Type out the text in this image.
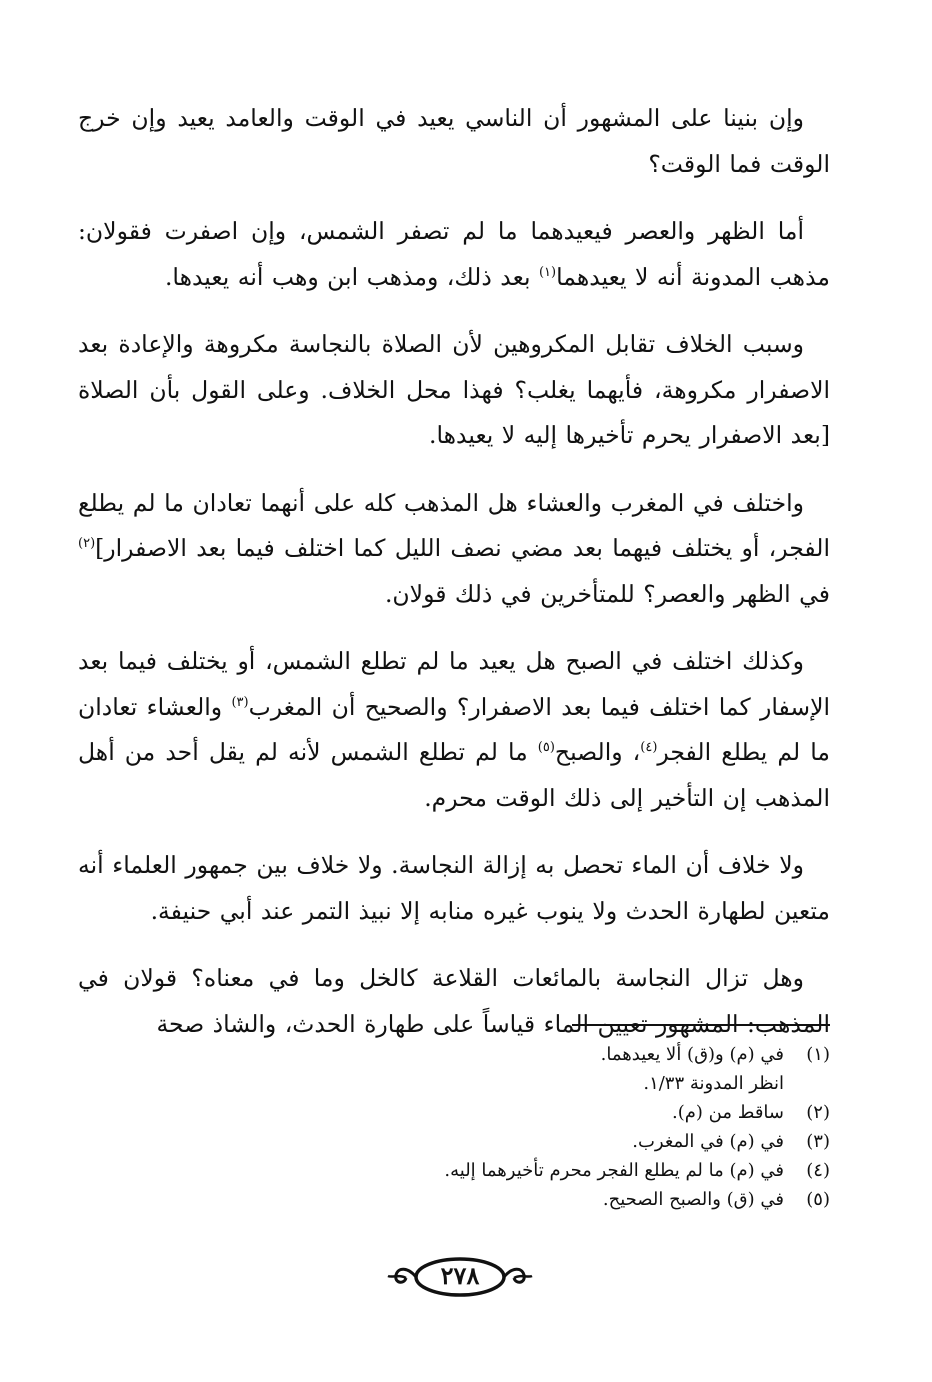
وإن بنينا على المشهور أن الناسي يعيد في الوقت والعامد يعيد وإن خرج الوقت فما الوقت؟

أما الظهر والعصر فيعيدهما ما لم تصفر الشمس، وإن اصفرت فقولان: مذهب المدونة أنه لا يعيدهما$^{(١)}$ بعد ذلك، ومذهب ابن وهب أنه يعيدها.

وسبب الخلاف تقابل المكروهين لأن الصلاة بالنجاسة مكروهة والإعادة بعد الاصفرار مكروهة، فأيهما يغلب؟ فهذا محل الخلاف. وعلى القول بأن الصلاة [بعد الاصفرار يحرم تأخيرها إليه لا يعيدها.

واختلف في المغرب والعشاء هل المذهب كله على أنهما تعادان ما لم يطلع الفجر، أو يختلف فيهما بعد مضي نصف الليل كما اختلف فيما بعد الاصفرار]$^{(٢)}$ في الظهر والعصر؟ للمتأخرين في ذلك قولان.

وكذلك اختلف في الصبح هل يعيد ما لم تطلع الشمس، أو يختلف فيما بعد الإسفار كما اختلف فيما بعد الاصفرار؟ والصحيح أن المغرب$^{(٣)}$ والعشاء تعادان ما لم يطلع الفجر$^{(٤)}$، والصبح$^{(٥)}$ ما لم تطلع الشمس لأنه لم يقل أحد من أهل المذهب إن التأخير إلى ذلك الوقت محرم.

ولا خلاف أن الماء تحصل به إزالة النجاسة. ولا خلاف بين جمهور العلماء أنه متعين لطهارة الحدث ولا ينوب غيره منابه إلا نبيذ التمر عند أبي حنيفة.

وهل تزال النجاسة بالمائعات القلاعة كالخل وما في معناه؟ قولان في المذهب: المشهور تعيين الماء قياساً على طهارة الحدث، والشاذ صحة

(١)
في (م) و(ق) ألا يعيدهما.
انظر المدونة ١/٣٣.
(٢)
ساقط من (م).
(٣)
في (م) في المغرب.
(٤)
في (م) ما لم يطلع الفجر محرم تأخيرهما إليه.
(٥)
في (ق) والصبح الصحيح.
٢٧٨
